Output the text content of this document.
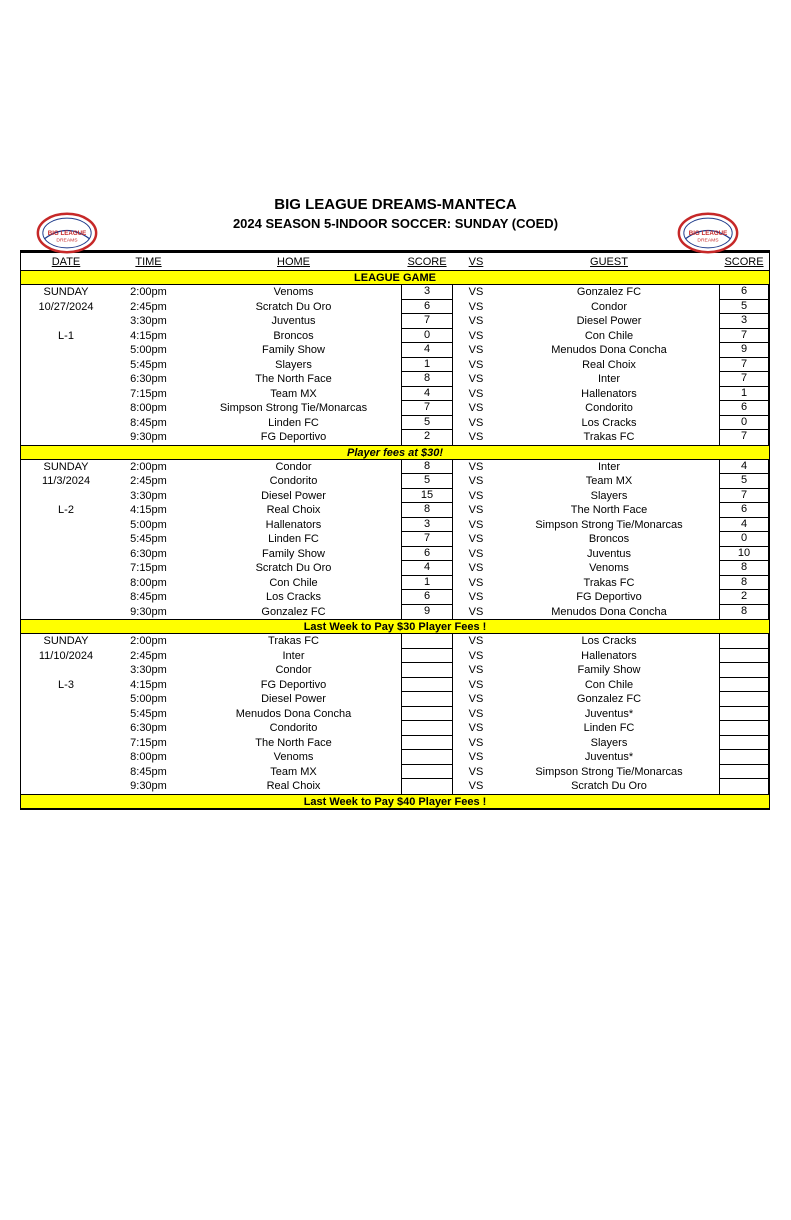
BIG LEAGUE
DREAMS
BIG LEAGUE DREAMS-MANTECA
2024 SEASON 5-INDOOR SOCCER: SUNDAY (COED)
BIG LEAGUE
DREAMS
DATE	TIME	HOME	SCORE	VS	GUEST	SCORE
LEAGUE GAME
SUNDAY
10/27/2024
L-1
2:00pm	Venoms	3	VS	Gonzalez FC	6
2:45pm	Scratch Du Oro	6	VS	Condor	5
3:30pm	Juventus	7	VS	Diesel Power	3
4:15pm	Broncos	0	VS	Con Chile	7
5:00pm	Family Show	4	VS	Menudos Dona Concha	9
5:45pm	Slayers	1	VS	Real Choix	7
6:30pm	The North Face	8	VS	Inter	7
7:15pm	Team MX	4	VS	Hallenators	1
8:00pm	Simpson Strong Tie/Monarcas	7	VS	Condorito	6
8:45pm	Linden FC	5	VS	Los Cracks	0
9:30pm	FG Deportivo	2	VS	Trakas FC	7
Player fees at $30!
SUNDAY
11/3/2024
L-2
2:00pm	Condor	8	VS	Inter	4
2:45pm	Condorito	5	VS	Team MX	5
3:30pm	Diesel Power	15	VS	Slayers	7
4:15pm	Real Choix	8	VS	The North Face	6
5:00pm	Hallenators	3	VS	Simpson Strong Tie/Monarcas	4
5:45pm	Linden FC	7	VS	Broncos	0
6:30pm	Family Show	6	VS	Juventus	10
7:15pm	Scratch Du Oro	4	VS	Venoms	8
8:00pm	Con Chile	1	VS	Trakas FC	8
8:45pm	Los Cracks	6	VS	FG Deportivo	2
9:30pm	Gonzalez FC	9	VS	Menudos Dona Concha	8
Last Week to Pay $30 Player Fees !
SUNDAY
11/10/2024
L-3
2:00pm	Trakas FC	VS	Los Cracks
2:45pm	Inter	VS	Hallenators
3:30pm	Condor	VS	Family Show
4:15pm	FG Deportivo	VS	Con Chile
5:00pm	Diesel Power	VS	Gonzalez FC
5:45pm	Menudos Dona Concha	VS	Juventus*
6:30pm	Condorito	VS	Linden FC
7:15pm	The North Face	VS	Slayers
8:00pm	Venoms	VS	Juventus*
8:45pm	Team MX	VS	Simpson Strong Tie/Monarcas
9:30pm	Real Choix	VS	Scratch Du Oro
Last Week to Pay $40 Player Fees !
